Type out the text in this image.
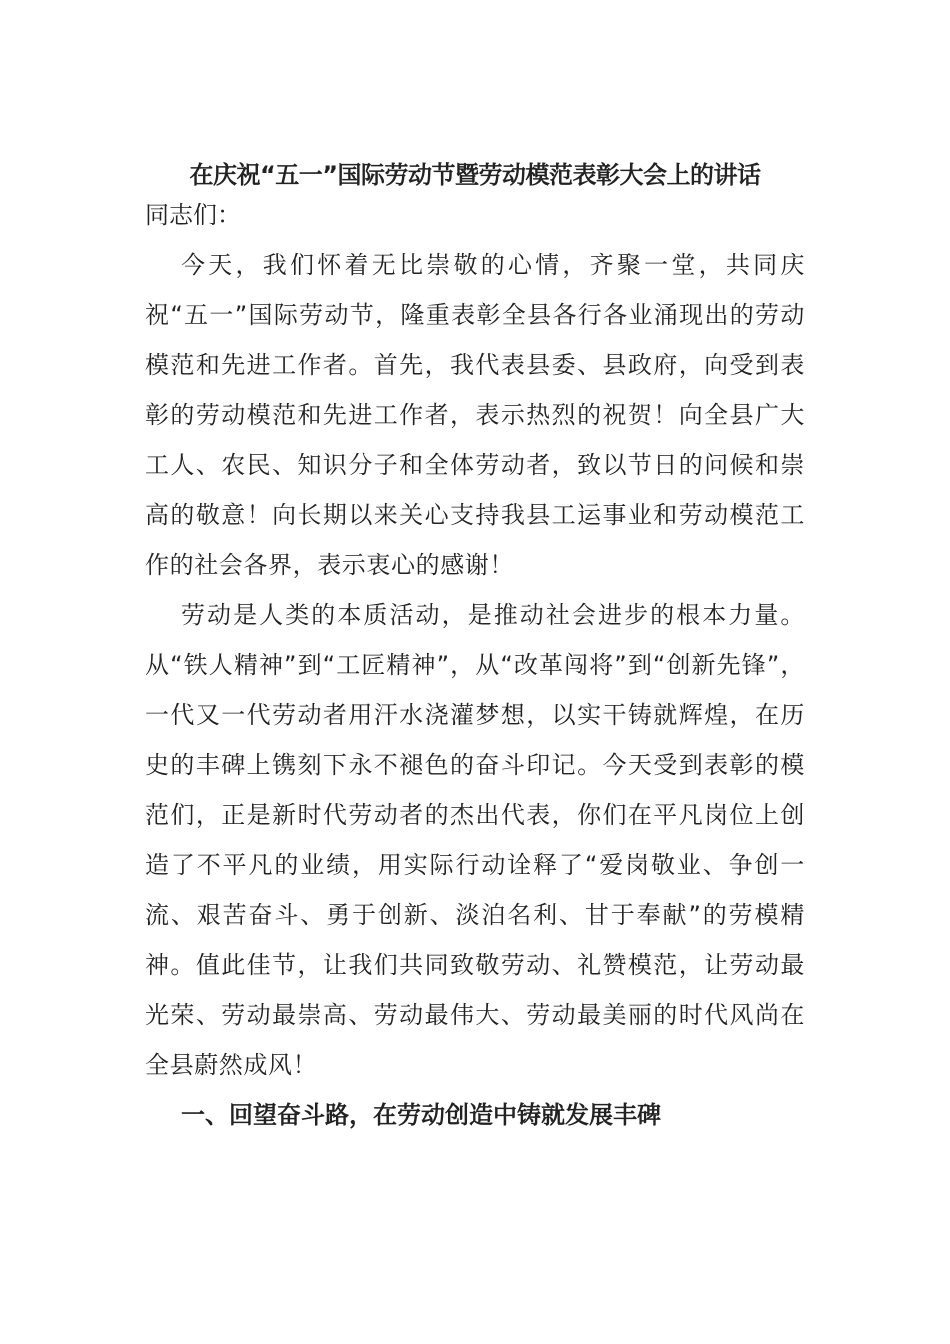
在庆祝“五一”国际劳动节暨劳动模范表彰大会上的讲话

同志们：

今天，我们怀着无比崇敬的心情，齐聚一堂，共同庆祝“五一”国际劳动节，隆重表彰全县各行各业涌现出的劳动模范和先进工作者。首先，我代表县委、县政府，向受到表彰的劳动模范和先进工作者，表示热烈的祝贺！向全县广大工人、农民、知识分子和全体劳动者，致以节日的问候和崇高的敬意！向长期以来关心支持我县工运事业和劳动模范工作的社会各界，表示衷心的感谢！

劳动是人类的本质活动，是推动社会进步的根本力量。从“铁人精神”到“工匠精神”，从“改革闯将”到“创新先锋”，一代又一代劳动者用汗水浇灌梦想，以实干铸就辉煌，在历史的丰碑上镌刻下永不褪色的奋斗印记。今天受到表彰的模范们，正是新时代劳动者的杰出代表，你们在平凡岗位上创造了不平凡的业绩，用实际行动诠释了“爱岗敬业、争创一流、艰苦奋斗、勇于创新、淡泊名利、甘于奉献”的劳模精神。值此佳节，让我们共同致敬劳动、礼赞模范，让劳动最光荣、劳动最崇高、劳动最伟大、劳动最美丽的时代风尚在全县蔚然成风！

一、回望奋斗路，在劳动创造中铸就发展丰碑
